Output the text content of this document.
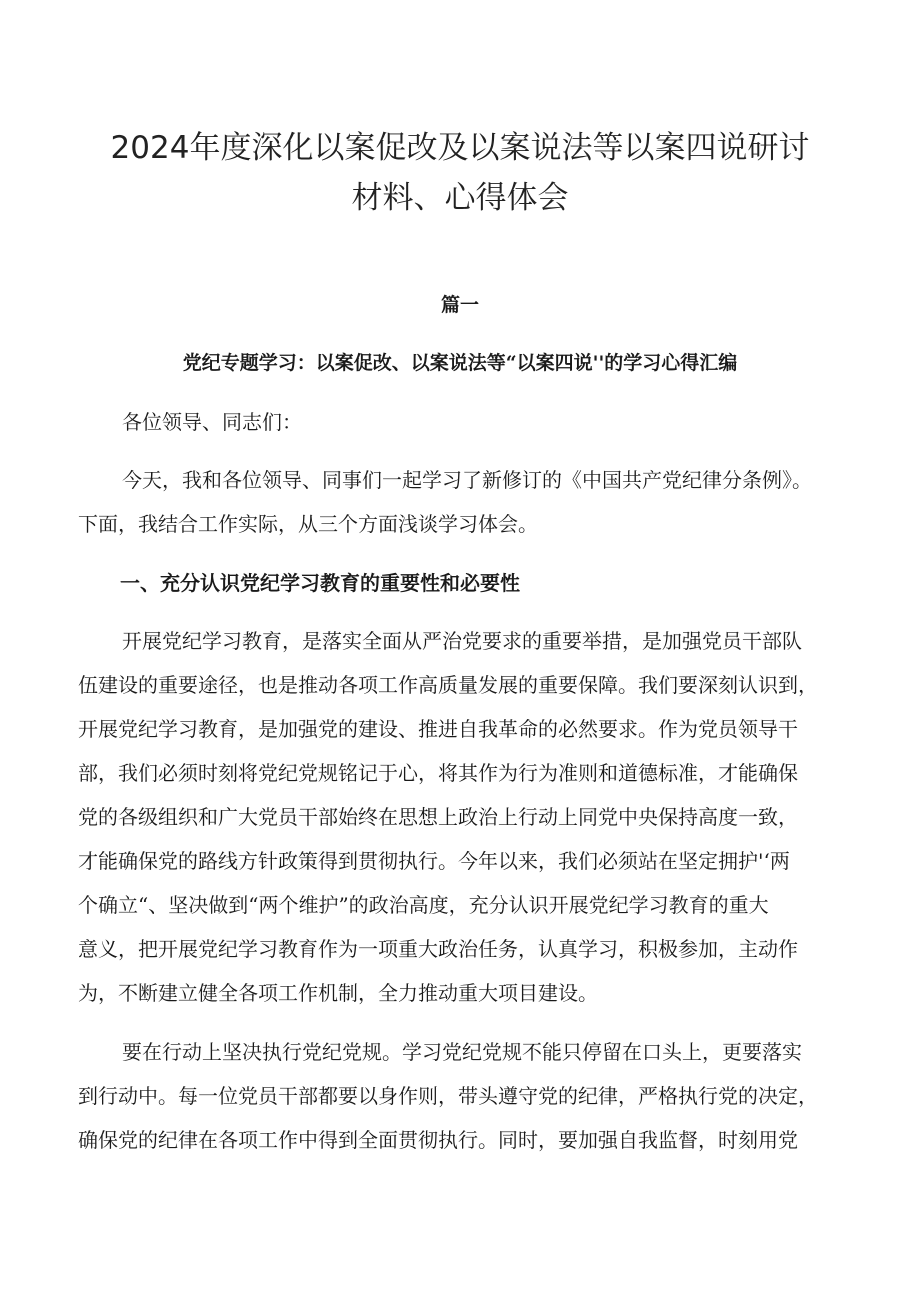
2024年度深化以案促改及以案说法等以案四说研讨
材料、心得体会
篇一
党纪专题学习：以案促改、以案说法等“以案四说''的学习心得汇编

各位领导、同志们：

今天，我和各位领导、同事们一起学习了新修订的《中国共产党纪律分条例》。

下面，我结合工作实际，从三个方面浅谈学习体会。

一、充分认识党纪学习教育的重要性和必要性

开展党纪学习教育，是落实全面从严治党要求的重要举措，是加强党员干部队

伍建设的重要途径，也是推动各项工作高质量发展的重要保障。我们要深刻认识到，

开展党纪学习教育，是加强党的建设、推进自我革命的必然要求。作为党员领导干

部，我们必须时刻将党纪党规铭记于心，将其作为行为准则和道德标准，才能确保

党的各级组织和广大党员干部始终在思想上政治上行动上同党中央保持高度一致，

才能确保党的路线方针政策得到贯彻执行。今年以来，我们必须站在坚定拥护'‘两

个确立“、坚决做到“两个维护”的政治高度，充分认识开展党纪学习教育的重大

意义，把开展党纪学习教育作为一项重大政治任务，认真学习，积极参加，主动作

为，不断建立健全各项工作机制，全力推动重大项目建设。

要在行动上坚决执行党纪党规。学习党纪党规不能只停留在口头上，更要落实

到行动中。每一位党员干部都要以身作则，带头遵守党的纪律，严格执行党的决定，

确保党的纪律在各项工作中得到全面贯彻执行。同时，要加强自我监督，时刻用党
